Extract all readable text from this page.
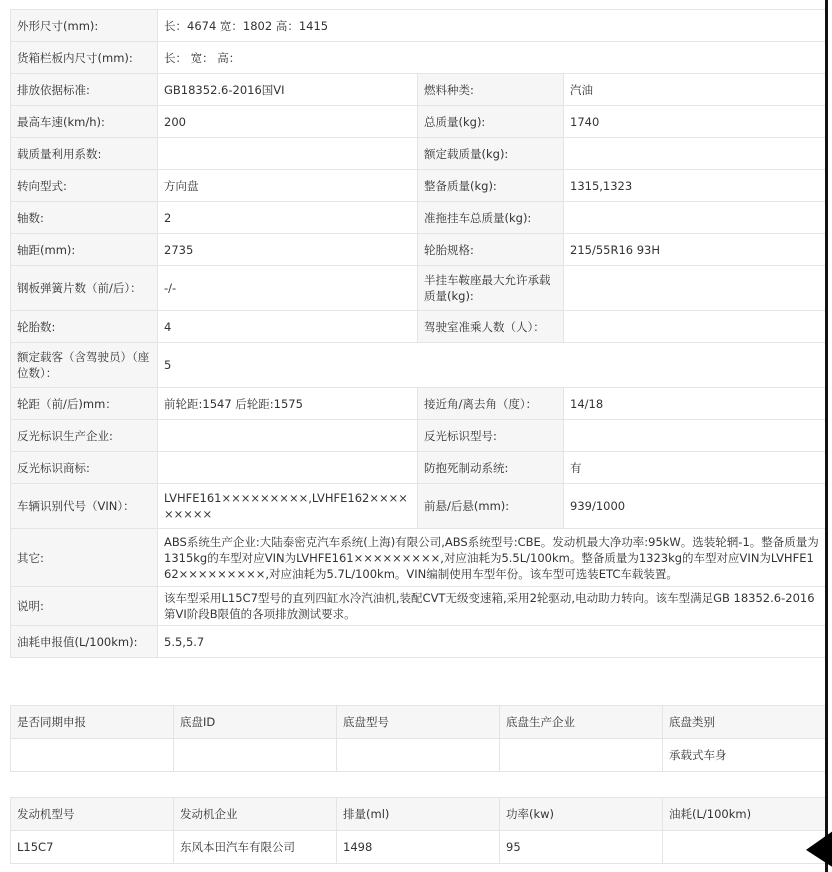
外形尺寸(mm):	长：4674 宽：1802 高：1415		
货箱栏板内尺寸(mm):	长： 宽： 高：		
排放依据标准:	GB18352.6-2016国VI	燃料种类:	汽油
最高车速(km/h):	200	总质量(kg):	1740
载质量利用系数:		额定载质量(kg):	
转向型式:	方向盘	整备质量(kg):	1315,1323
轴数:	2	准拖挂车总质量(kg):	
轴距(mm):	2735	轮胎规格:	215/55R16 93H
钢板弹簧片数（前/后）：	-/-	半挂车鞍座最大允许承载质量(kg):	
轮胎数:	4	驾驶室准乘人数（人）：	
额定载客（含驾驶员）（座位数）：	5		
轮距（前/后)mm：	前轮距:1547 后轮距:1575	接近角/离去角（度）：	14/18
反光标识生产企业:		反光标识型号:	
反光标识商标:		防抱死制动系统:	有
车辆识别代号（VIN）：	LVHFE161×××××××××,LVHFE162×××××××××	前悬/后悬(mm):	939/1000
其它:	ABS系统生产企业:大陆泰密克汽车系统(上海)有限公司,ABS系统型号:CBE。发动机最大净功率:95kW。选装轮辋-1。整备质量为1315kg的车型对应VIN为LVHFE161×××××××××,对应油耗为5.5L/100km。整备质量为1323kg的车型对应VIN为LVHFE162×××××××××,对应油耗为5.7L/100km。VIN编制使用车型年份。该车型可选装ETC车载装置。		
说明:	该车型采用L15C7型号的直列四缸水冷汽油机,装配CVT无级变速箱,采用2轮驱动,电动助力转向。该车型满足GB 18352.6-2016第VI阶段B限值的各项排放测试要求。		
油耗申报值(L/100km):	5.5,5.7		
是否同期申报	底盘ID	底盘型号	底盘生产企业	底盘类别
				承载式车身
发动机型号	发动机企业	排量(ml)	功率(kw)	油耗(L/100km)
L15C7	东风本田汽车有限公司	1498	95	
